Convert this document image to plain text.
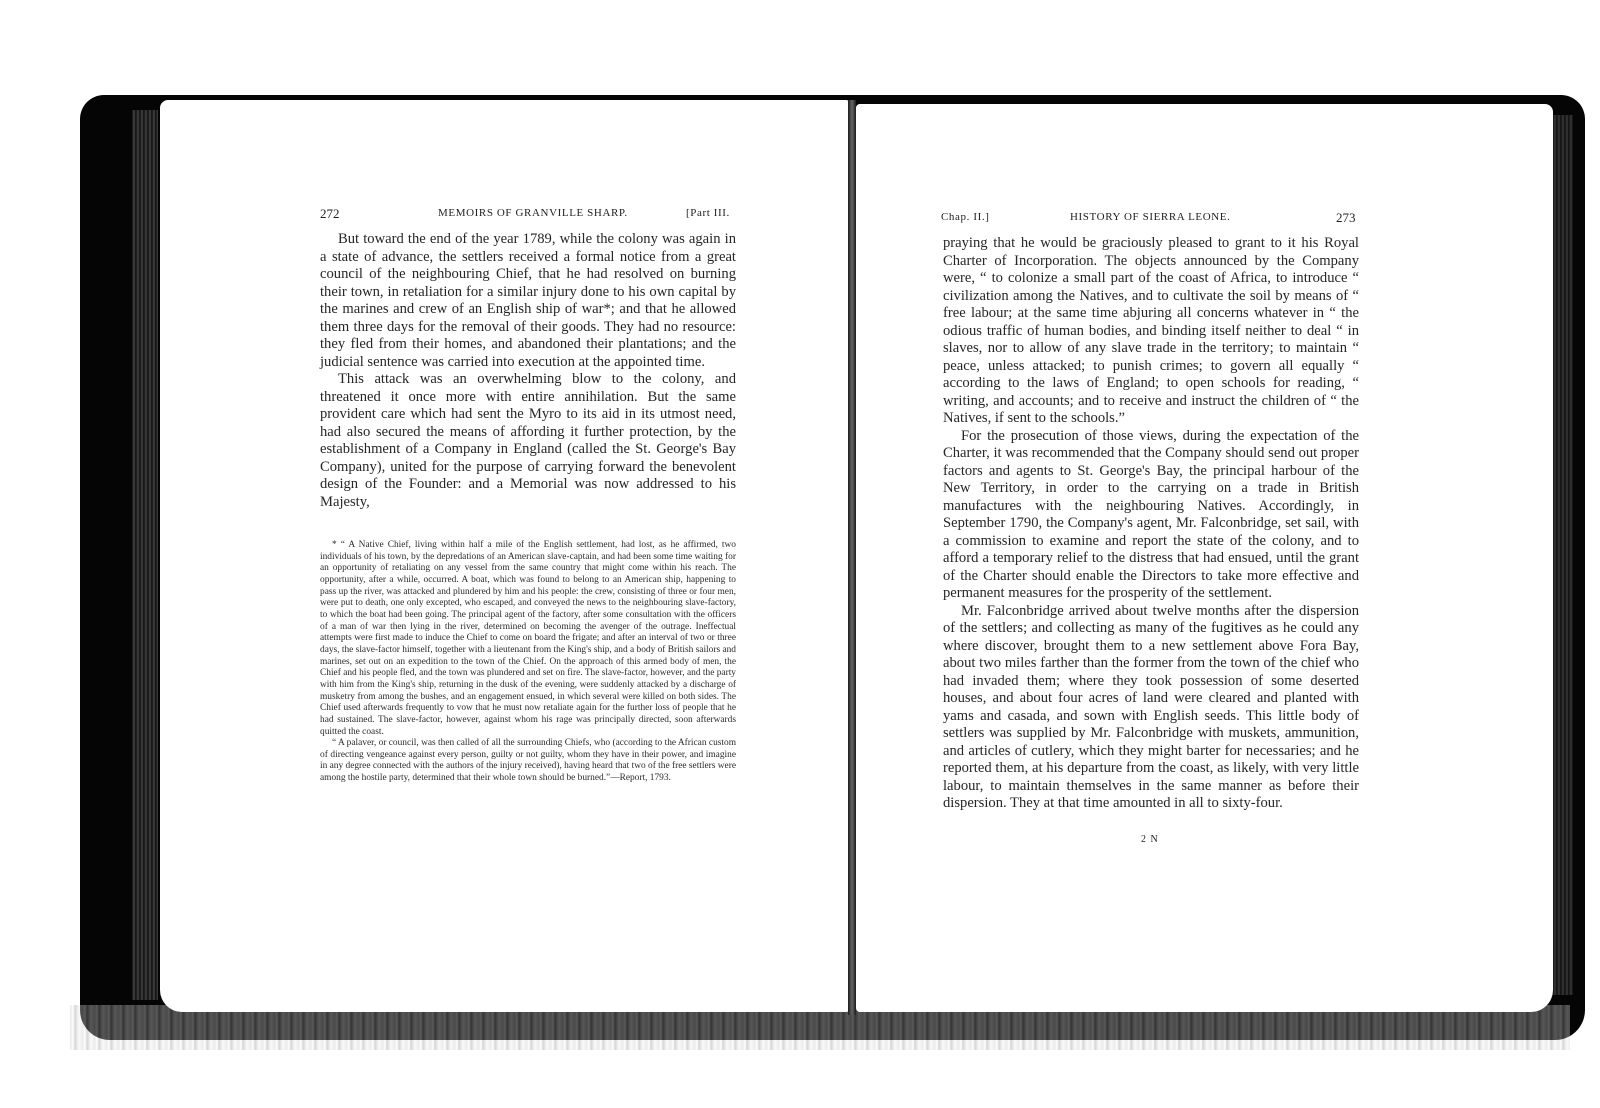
272	MEMOIRS OF GRANVILLE SHARP.	[Part III.

But toward the end of the year 1789, while the colony was again in a state of advance, the settlers received a formal notice from a great council of the neighbouring Chief, that he had resolved on burning their town, in retaliation for a similar injury done to his own capital by the marines and crew of an English ship of war*; and that he allowed them three days for the removal of their goods. They had no resource: they fled from their homes, and abandoned their plantations; and the judicial sentence was carried into execution at the appointed time.

This attack was an overwhelming blow to the colony, and threatened it once more with entire annihilation. But the same provident care which had sent the Myro to its aid in its utmost need, had also secured the means of affording it further protection, by the establishment of a Company in England (called the St. George's Bay Company), united for the purpose of carrying forward the benevolent design of the Founder: and a Memorial was now addressed to his Majesty,

* “ A Native Chief, living within half a mile of the English settlement, had lost, as he affirmed, two individuals of his town, by the depredations of an American slave-captain, and had been some time waiting for an opportunity of retaliating on any vessel from the same country that might come within his reach. The opportunity, after a while, occurred. A boat, which was found to belong to an American ship, happening to pass up the river, was attacked and plundered by him and his people: the crew, consisting of three or four men, were put to death, one only excepted, who escaped, and conveyed the news to the neighbouring slave-factory, to which the boat had been going. The principal agent of the factory, after some consultation with the officers of a man of war then lying in the river, determined on becoming the avenger of the outrage. Ineffectual attempts were first made to induce the Chief to come on board the frigate; and after an interval of two or three days, the slave-factor himself, together with a lieutenant from the King's ship, and a body of British sailors and marines, set out on an expedition to the town of the Chief. On the approach of this armed body of men, the Chief and his people fled, and the town was plundered and set on fire. The slave-factor, however, and the party with him from the King's ship, returning in the dusk of the evening, were suddenly attacked by a discharge of musketry from among the bushes, and an engagement ensued, in which several were killed on both sides. The Chief used afterwards frequently to vow that he must now retaliate again for the further loss of people that he had sustained. The slave-factor, however, against whom his rage was principally directed, soon afterwards quitted the coast.

“ A palaver, or council, was then called of all the surrounding Chiefs, who (according to the African custom of directing vengeance against every person, guilty or not guilty, whom they have in their power, and imagine in any degree connected with the authors of the injury received), having heard that two of the free settlers were among the hostile party, determined that their whole town should be burned.”—Report, 1793.

Chap. II.]	HISTORY OF SIERRA LEONE.	273

praying that he would be graciously pleased to grant to it his Royal Charter of Incorporation. The objects announced by the Company were, “ to colonize a small part of the coast of Africa, to introduce “ civilization among the Natives, and to cultivate the soil by means of “ free labour; at the same time abjuring all concerns whatever in “ the odious traffic of human bodies, and binding itself neither to deal “ in slaves, nor to allow of any slave trade in the territory; to maintain “ peace, unless attacked; to punish crimes; to govern all equally “ according to the laws of England; to open schools for reading, “ writing, and accounts; and to receive and instruct the children of “ the Natives, if sent to the schools.”

For the prosecution of those views, during the expectation of the Charter, it was recommended that the Company should send out proper factors and agents to St. George's Bay, the principal harbour of the New Territory, in order to the carrying on a trade in British manufactures with the neighbouring Natives. Accordingly, in September 1790, the Company's agent, Mr. Falconbridge, set sail, with a commission to examine and report the state of the colony, and to afford a temporary relief to the distress that had ensued, until the grant of the Charter should enable the Directors to take more effective and permanent measures for the prosperity of the settlement.

Mr. Falconbridge arrived about twelve months after the dispersion of the settlers; and collecting as many of the fugitives as he could any where discover, brought them to a new settlement above Fora Bay, about two miles farther than the former from the town of the chief who had invaded them; where they took possession of some deserted houses, and about four acres of land were cleared and planted with yams and casada, and sown with English seeds. This little body of settlers was supplied by Mr. Falconbridge with muskets, ammunition, and articles of cutlery, which they might barter for necessaries; and he reported them, at his departure from the coast, as likely, with very little labour, to maintain themselves in the same manner as before their dispersion. They at that time amounted in all to sixty-four.

2 N
